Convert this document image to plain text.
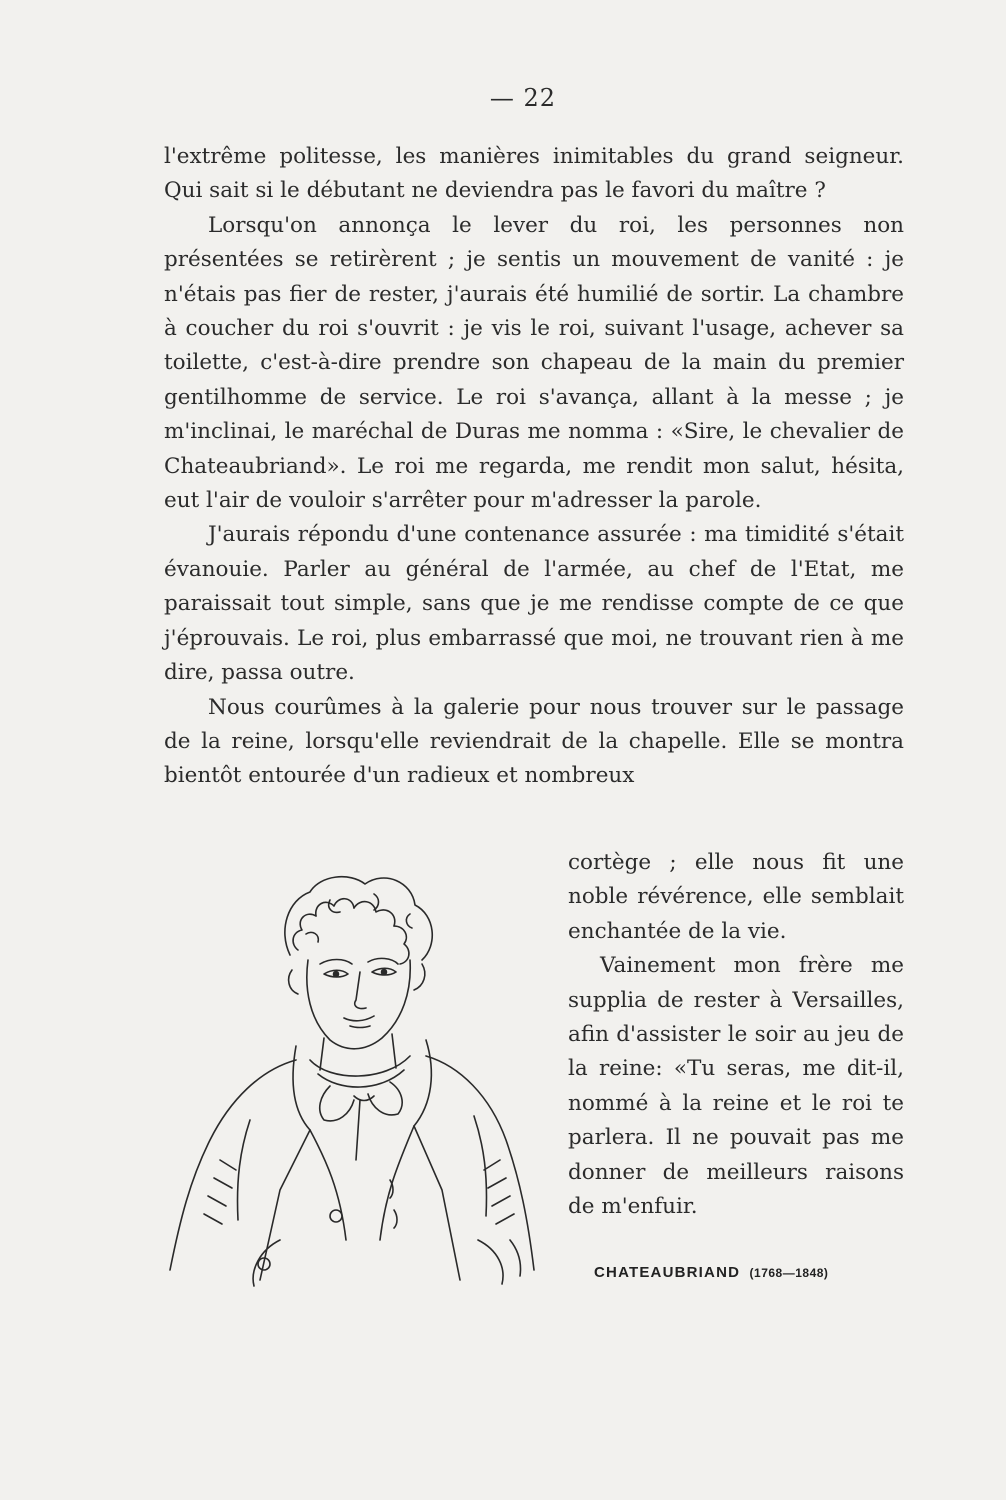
— 22

l'extrême politesse, les manières inimitables du grand seigneur. Qui sait si le débutant ne deviendra pas le favori du maître ?

Lorsqu'on annonça le lever du roi, les personnes non présentées se retirèrent ; je sentis un mouvement de vanité : je n'étais pas fier de rester, j'aurais été humilié de sortir. La chambre à coucher du roi s'ouvrit : je vis le roi, suivant l'usage, achever sa toilette, c'est-à-dire prendre son chapeau de la main du premier gentilhomme de service. Le roi s'avança, allant à la messe ; je m'inclinai, le maréchal de Duras me nomma : «Sire, le chevalier de Chateaubriand». Le roi me regarda, me rendit mon salut, hésita, eut l'air de vouloir s'arrêter pour m'adresser la parole.

J'aurais répondu d'une contenance assurée : ma timidité s'était évanouie. Parler au général de l'armée, au chef de l'Etat, me paraissait tout simple, sans que je me rendisse compte de ce que j'éprouvais. Le roi, plus embarrassé que moi, ne trouvant rien à me dire, passa outre.

Nous courûmes à la galerie pour nous trouver sur le passage de la reine, lorsqu'elle reviendrait de la chapelle. Elle se montra bientôt entourée d'un radieux et nombreux

cortège ; elle nous fit une noble révérence, elle semblait enchantée de la vie.

Vainement mon frère me supplia de rester à Versailles, afin d'assister le soir au jeu de la reine: «Tu seras, me dit-il, nommé à la reine et le roi te parlera. Il ne pouvait pas me donner de meilleurs raisons de m'enfuir.

CHATEAUBRIAND (1768—1848)
